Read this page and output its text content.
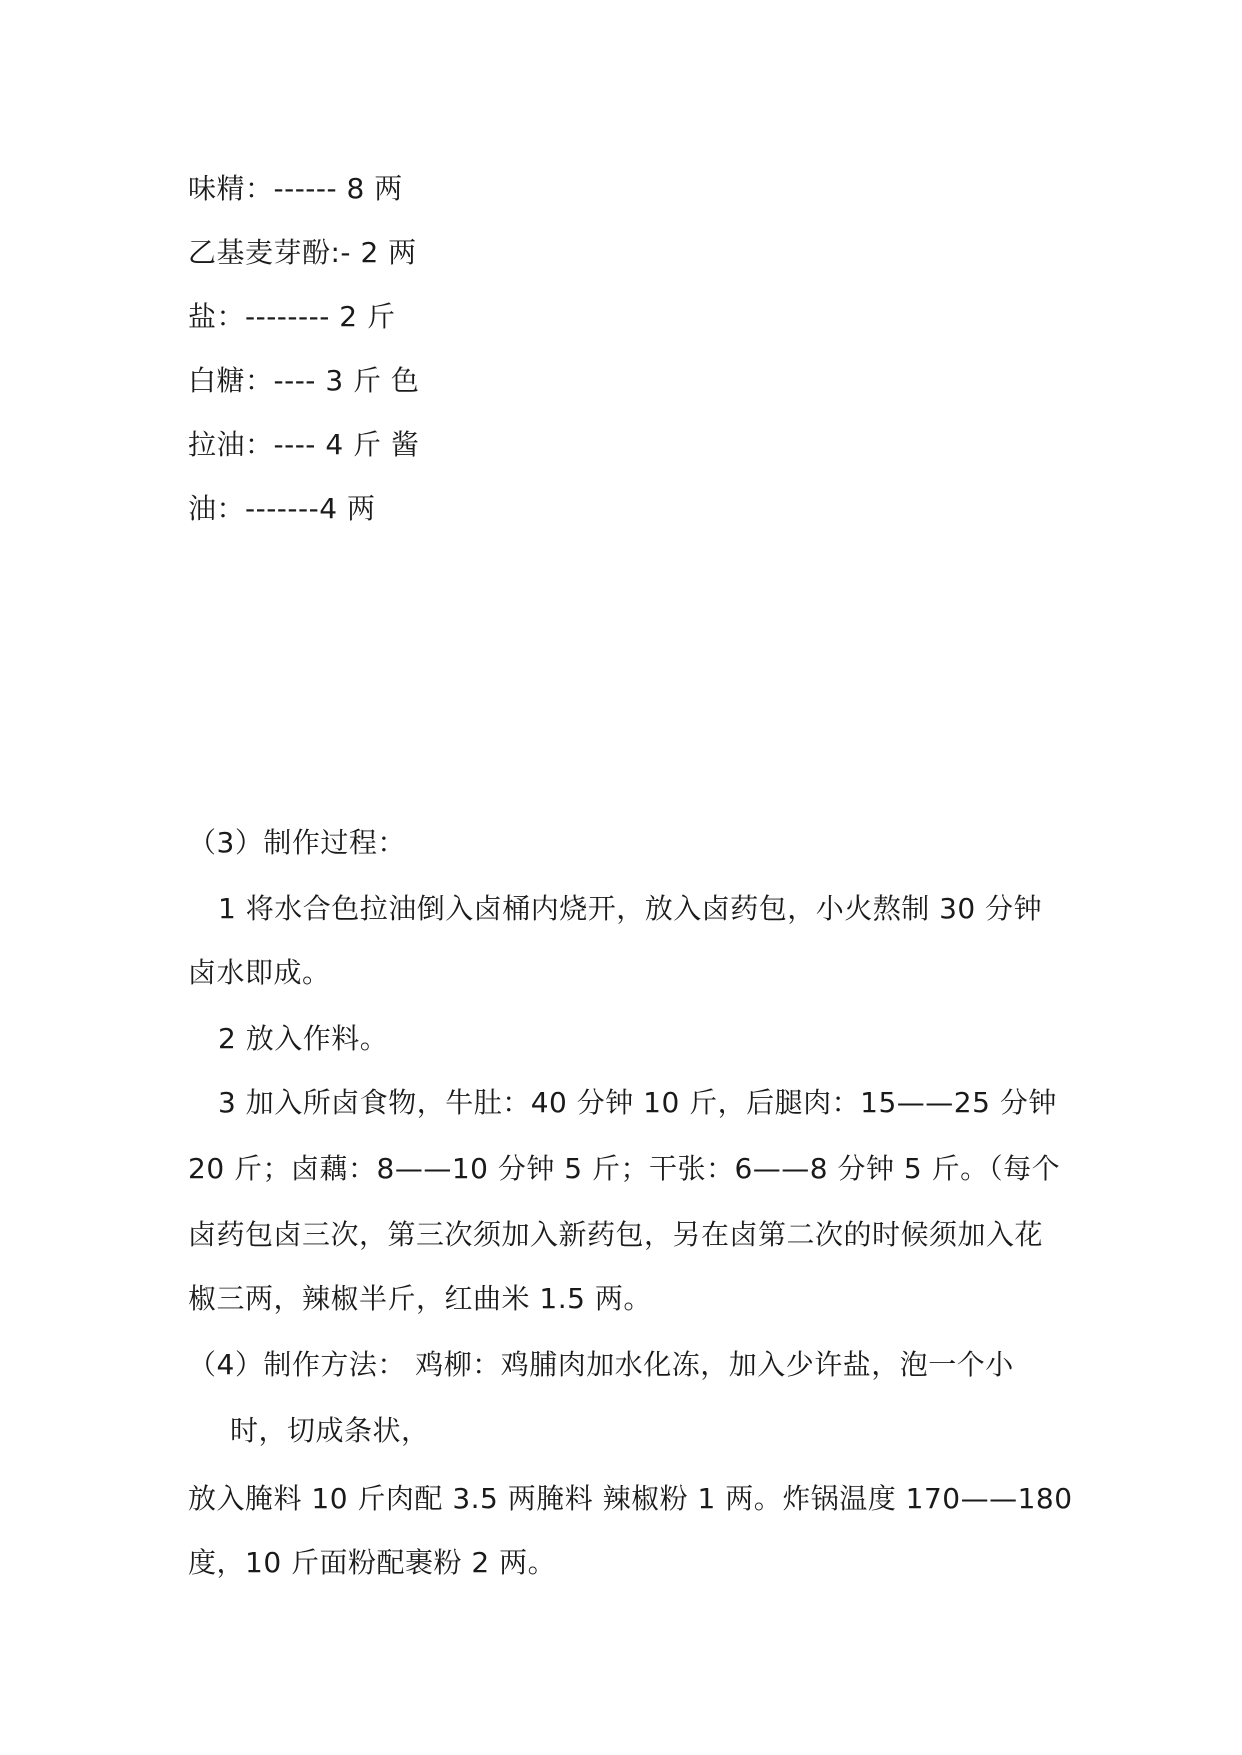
味精：------ 8 两
乙基麦芽酚:- 2 两
盐：-------- 2 斤
白糖：---- 3 斤 色
拉油：---- 4 斤 酱
油：-------4 两
（3）制作过程：
1 将水合色拉油倒入卤桶内烧开，放入卤药包，小火熬制 30 分钟
卤水即成。
2 放入作料。
3 加入所卤食物，牛肚：40 分钟 10 斤，后腿肉：15——25 分钟
20 斤；卤藕：8——10 分钟 5 斤；干张：6——8 分钟 5 斤。（每个
卤药包卤三次，第三次须加入新药包，另在卤第二次的时候须加入花
椒三两，辣椒半斤，红曲米 1.5 两。
（4）制作方法： 鸡柳：鸡脯肉加水化冻，加入少许盐，泡一个小
时，切成条状，
放入腌料 10 斤肉配 3.5 两腌料 辣椒粉 1 两。炸锅温度 170——180
度，10 斤面粉配裹粉 2 两。
